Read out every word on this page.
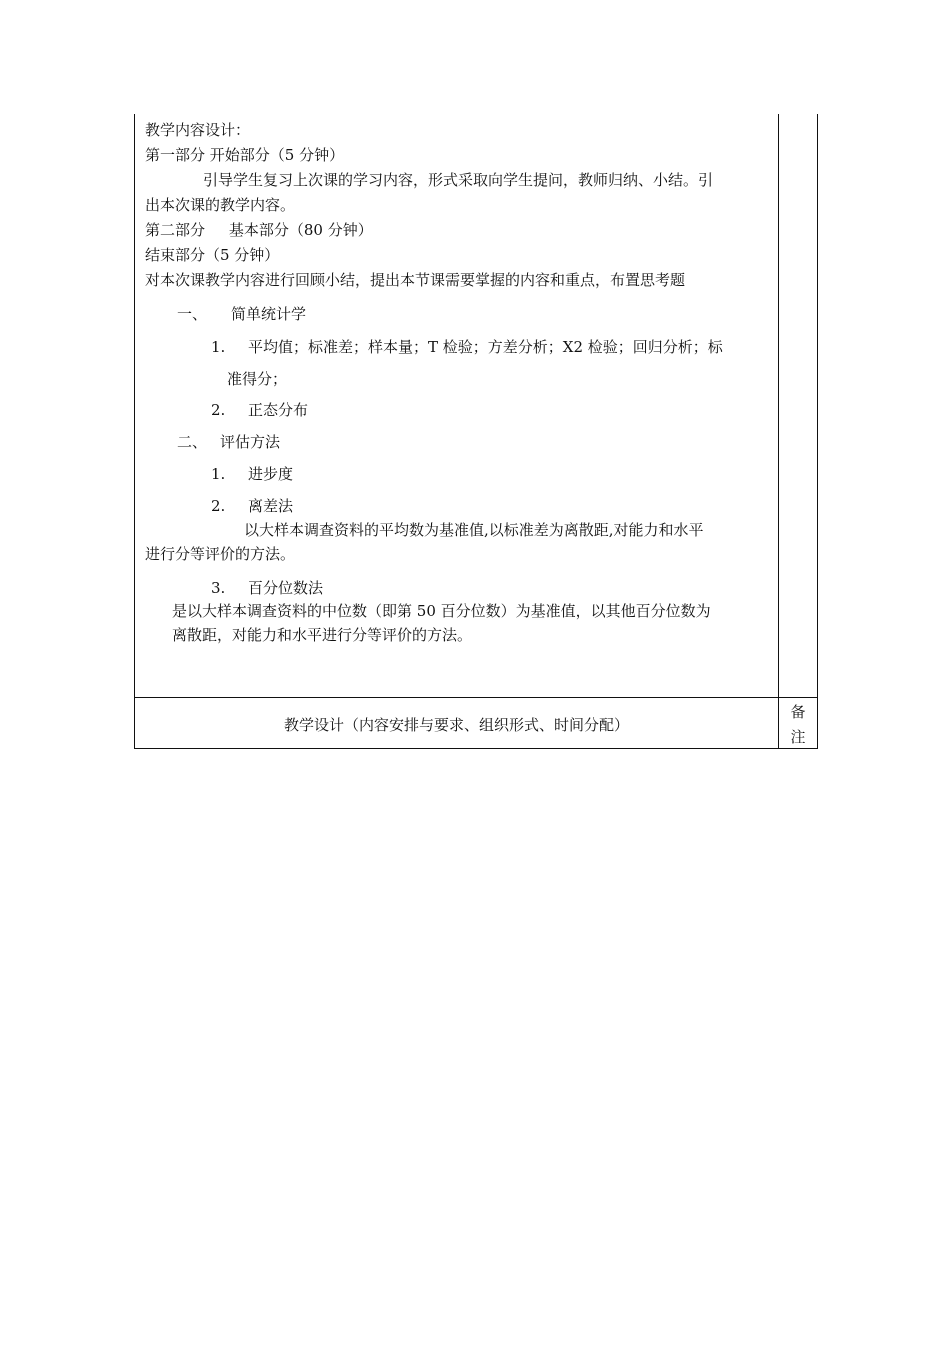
教学内容设计：
第一部分 开始部分（5 分钟）
引导学生复习上次课的学习内容，形式采取向学生提问，教师归纳、小结。引
出本次课的教学内容。
第二部分     基本部分（80 分钟）
结束部分（5 分钟）
对本次课教学内容进行回顾小结，提出本节课需要掌握的内容和重点，布置思考题
一、 简单统计学
1. 平均值；标准差；样本量；T 检验；方差分析；X2 检验；回归分析；标
准得分；
2. 正态分布
二、 评估方法
1. 进步度
2. 离差法
以大样本调查资料的平均数为基准值,以标准差为离散距,对能力和水平
进行分等评价的方法。
3. 百分位数法
是以大样本调查资料的中位数（即第 50 百分位数）为基准值，以其他百分位数为
离散距，对能力和水平进行分等评价的方法。
教学设计（内容安排与要求、组织形式、时间分配）
备
注
